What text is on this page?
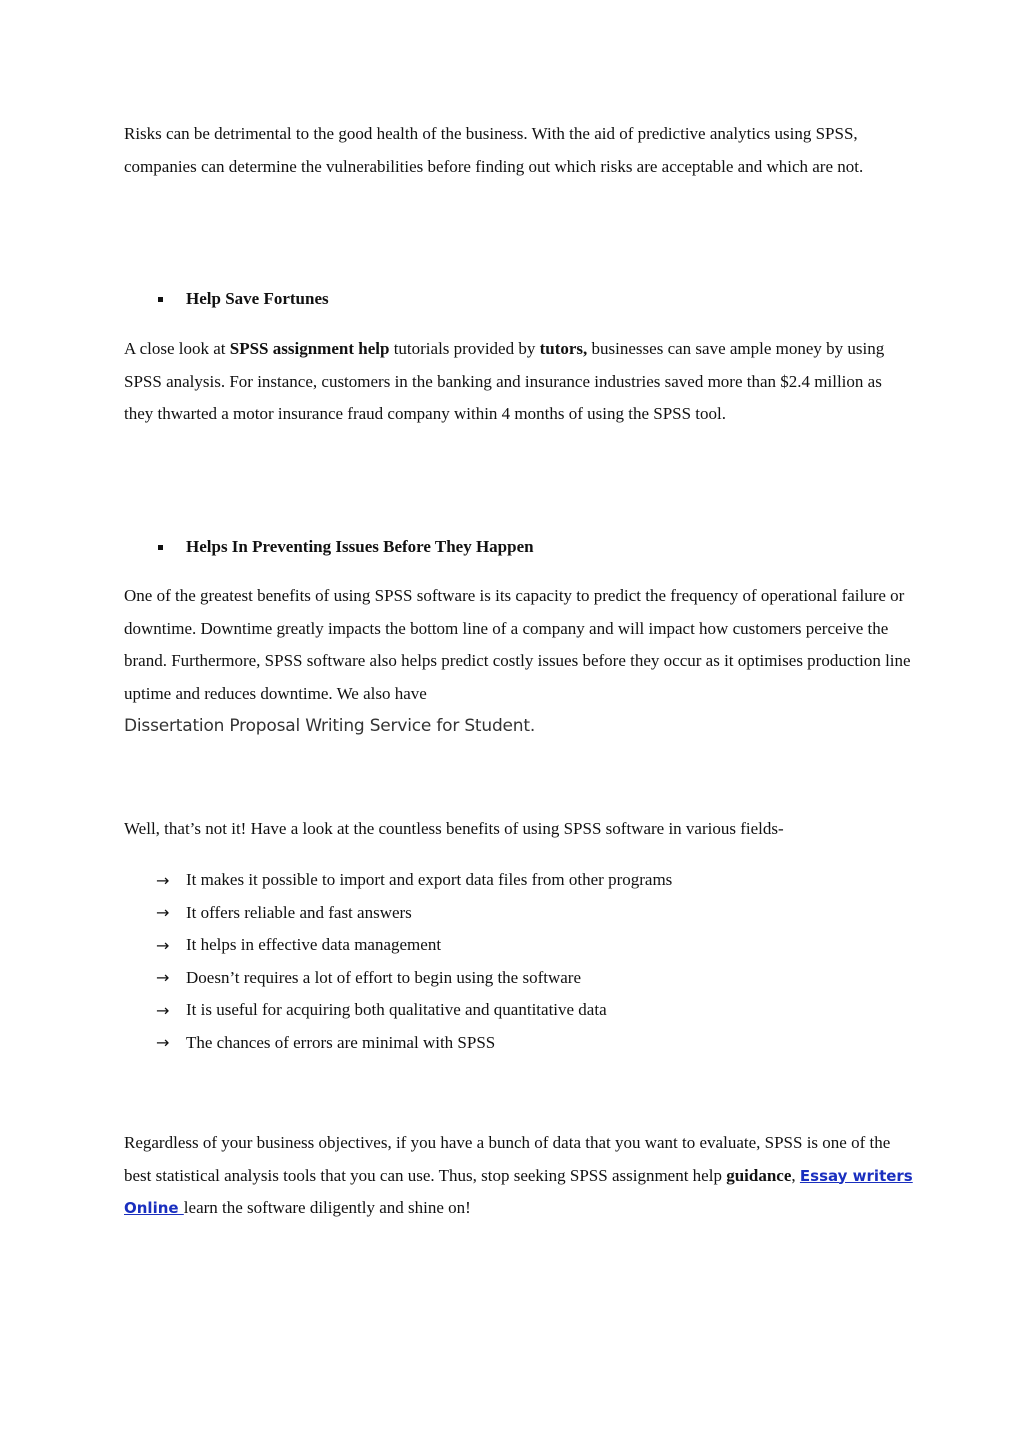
Risks can be detrimental to the good health of the business. With the aid of predictive analytics using SPSS, companies can determine the vulnerabilities before finding out which risks are acceptable and which are not.

Help Save Fortunes

A close look at SPSS assignment help tutorials provided by tutors, businesses can save ample money by using SPSS analysis. For instance, customers in the banking and insurance industries saved more than $2.4 million as they thwarted a motor insurance fraud company within 4 months of using the SPSS tool.

Helps In Preventing Issues Before They Happen

One of the greatest benefits of using SPSS software is its capacity to predict the frequency of operational failure or downtime. Downtime greatly impacts the bottom line of a company and will impact how customers perceive the brand. Furthermore, SPSS software also helps predict costly issues before they occur as it optimises production line uptime and reduces downtime. We also have
Dissertation Proposal Writing Service for Student.

Well, that’s not it! Have a look at the countless benefits of using SPSS software in various fields-

→ It makes it possible to import and export data files from other programs
→ It offers reliable and fast answers
→ It helps in effective data management
→ Doesn’t requires a lot of effort to begin using the software
→ It is useful for acquiring both qualitative and quantitative data
→ The chances of errors are minimal with SPSS

Regardless of your business objectives, if you have a bunch of data that you want to evaluate, SPSS is one of the best statistical analysis tools that you can use. Thus, stop seeking SPSS assignment help guidance, Essay writers Online learn the software diligently and shine on!
